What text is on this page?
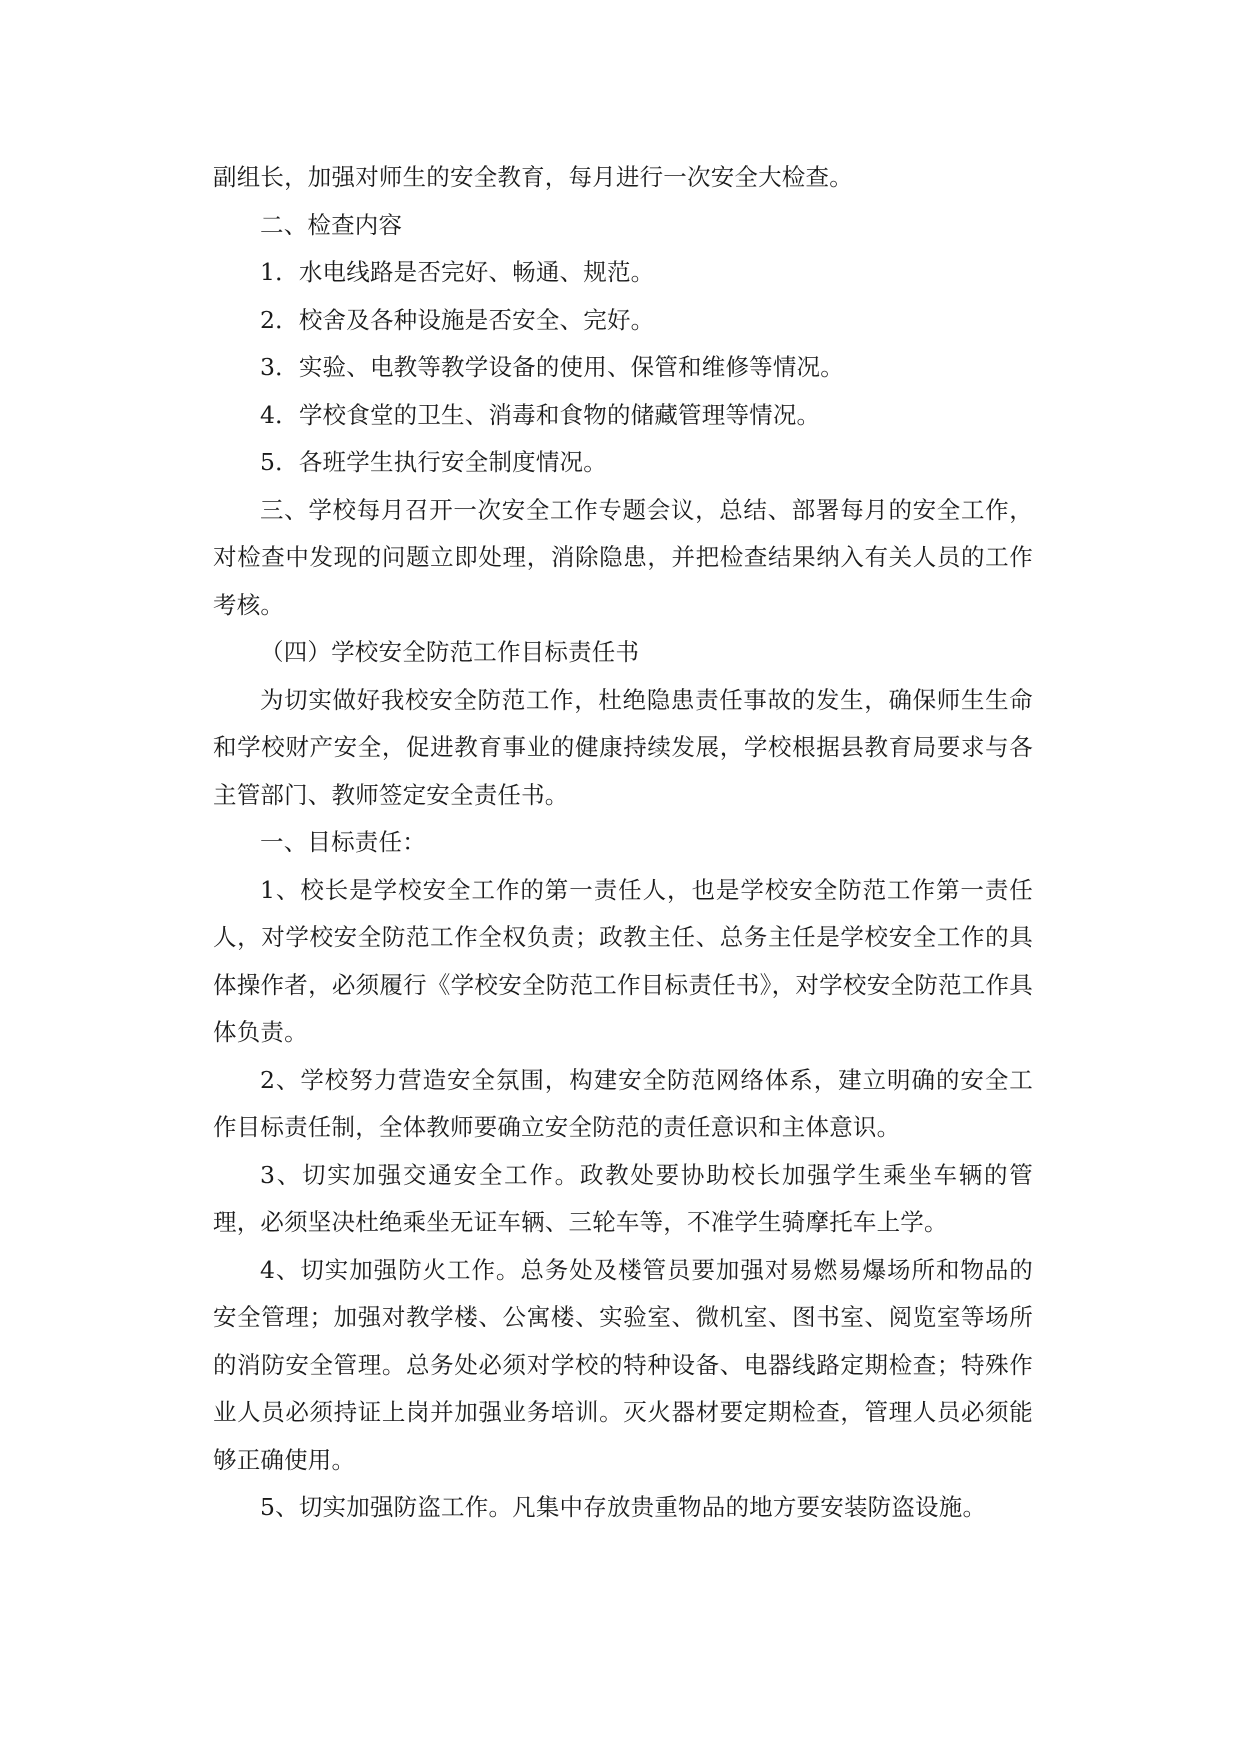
副组长，加强对师生的安全教育，每月进行一次安全大检查。

二、检查内容

1．水电线路是否完好、畅通、规范。

2．校舍及各种设施是否安全、完好。

3．实验、电教等教学设备的使用、保管和维修等情况。

4．学校食堂的卫生、消毒和食物的储藏管理等情况。

5．各班学生执行安全制度情况。

三、学校每月召开一次安全工作专题会议，总结、部署每月的安全工作，对检查中发现的问题立即处理，消除隐患，并把检查结果纳入有关人员的工作考核。

（四）学校安全防范工作目标责任书

为切实做好我校安全防范工作，杜绝隐患责任事故的发生，确保师生生命和学校财产安全，促进教育事业的健康持续发展，学校根据县教育局要求与各主管部门、教师签定安全责任书。

一、目标责任：

1、校长是学校安全工作的第一责任人，也是学校安全防范工作第一责任人，对学校安全防范工作全权负责；政教主任、总务主任是学校安全工作的具体操作者，必须履行《学校安全防范工作目标责任书》，对学校安全防范工作具体负责。

2、学校努力营造安全氛围，构建安全防范网络体系，建立明确的安全工作目标责任制，全体教师要确立安全防范的责任意识和主体意识。

3、切实加强交通安全工作。政教处要协助校长加强学生乘坐车辆的管理，必须坚决杜绝乘坐无证车辆、三轮车等，不准学生骑摩托车上学。

4、切实加强防火工作。总务处及楼管员要加强对易燃易爆场所和物品的安全管理；加强对教学楼、公寓楼、实验室、微机室、图书室、阅览室等场所的消防安全管理。总务处必须对学校的特种设备、电器线路定期检查；特殊作业人员必须持证上岗并加强业务培训。灭火器材要定期检查，管理人员必须能够正确使用。

5、切实加强防盗工作。凡集中存放贵重物品的地方要安装防盗设施。
